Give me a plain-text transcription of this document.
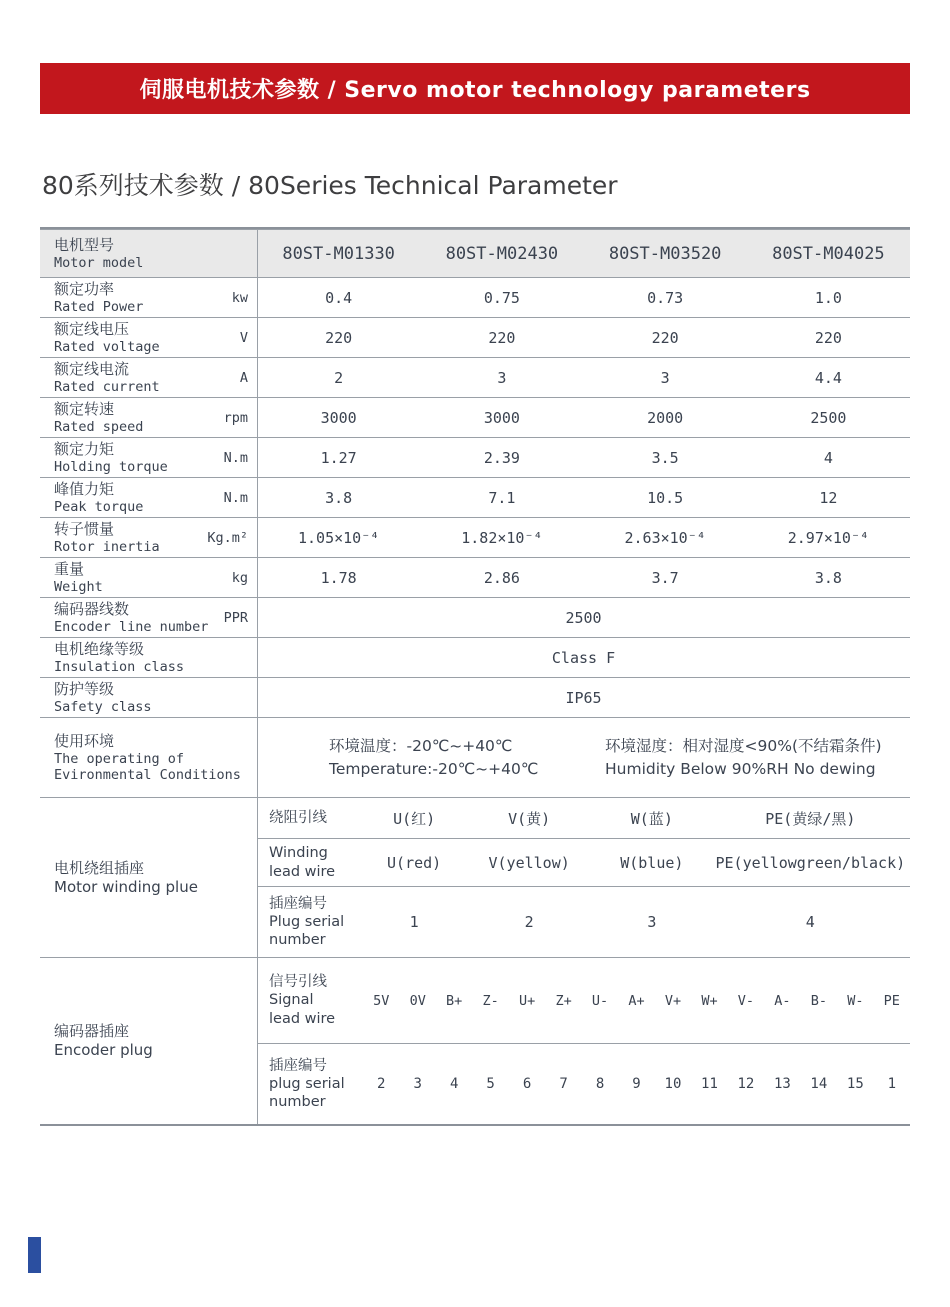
伺服电机技术参数 / Servo motor technology parameters
80系列技术参数 / 80Series Technical Parameter
电机型号
Motor model	80ST-M01330	80ST-M02430	80ST-M03520	80ST-M04025
额定功率
Rated Power
kw	0.4	0.75	0.73	1.0
额定线电压
Rated voltage
V	220	220	220	220
额定线电流
Rated current
A	2	3	3	4.4
额定转速
Rated speed
rpm	3000	3000	2000	2500
额定力矩
Holding torque
N.m	1.27	2.39	3.5	4
峰值力矩
Peak torque
N.m	3.8	7.1	10.5	12
转子惯量
Rotor inertia
Kg.m²	1.05×10⁻⁴	1.82×10⁻⁴	2.63×10⁻⁴	2.97×10⁻⁴
重量
Weight
kg	1.78	2.86	3.7	3.8
编码器线数
Encoder line number
PPR	2500
电机绝缘等级
Insulation class
Class F
防护等级
Safety class
IP65
使用环境
The operating of
Evironmental Conditions
环境温度：-20℃~+40℃
Temperature:-20℃~+40℃
环境湿度：相对湿度<90%(不结霜条件)
Humidity Below 90%RH No dewing
电机绕组插座
Motor winding plue
绕阻引线	U(红)	V(黄)	W(蓝)	PE(黄绿/黑)
Winding
lead wire	U(red)	V(yellow)	W(blue)	PE(yellowgreen/black)
插座编号
Plug serial
number
1	2	3	4
编码器插座
Encoder plug
信号引线
Signal
lead wire
5V	0V	B+	Z-	U+	Z+	U-	A+	V+	W+	V-	A-	B-	W-	PE
插座编号
plug serial
number
2	3	4	5	6	7	8	9	10	11	12	13	14	15	1
